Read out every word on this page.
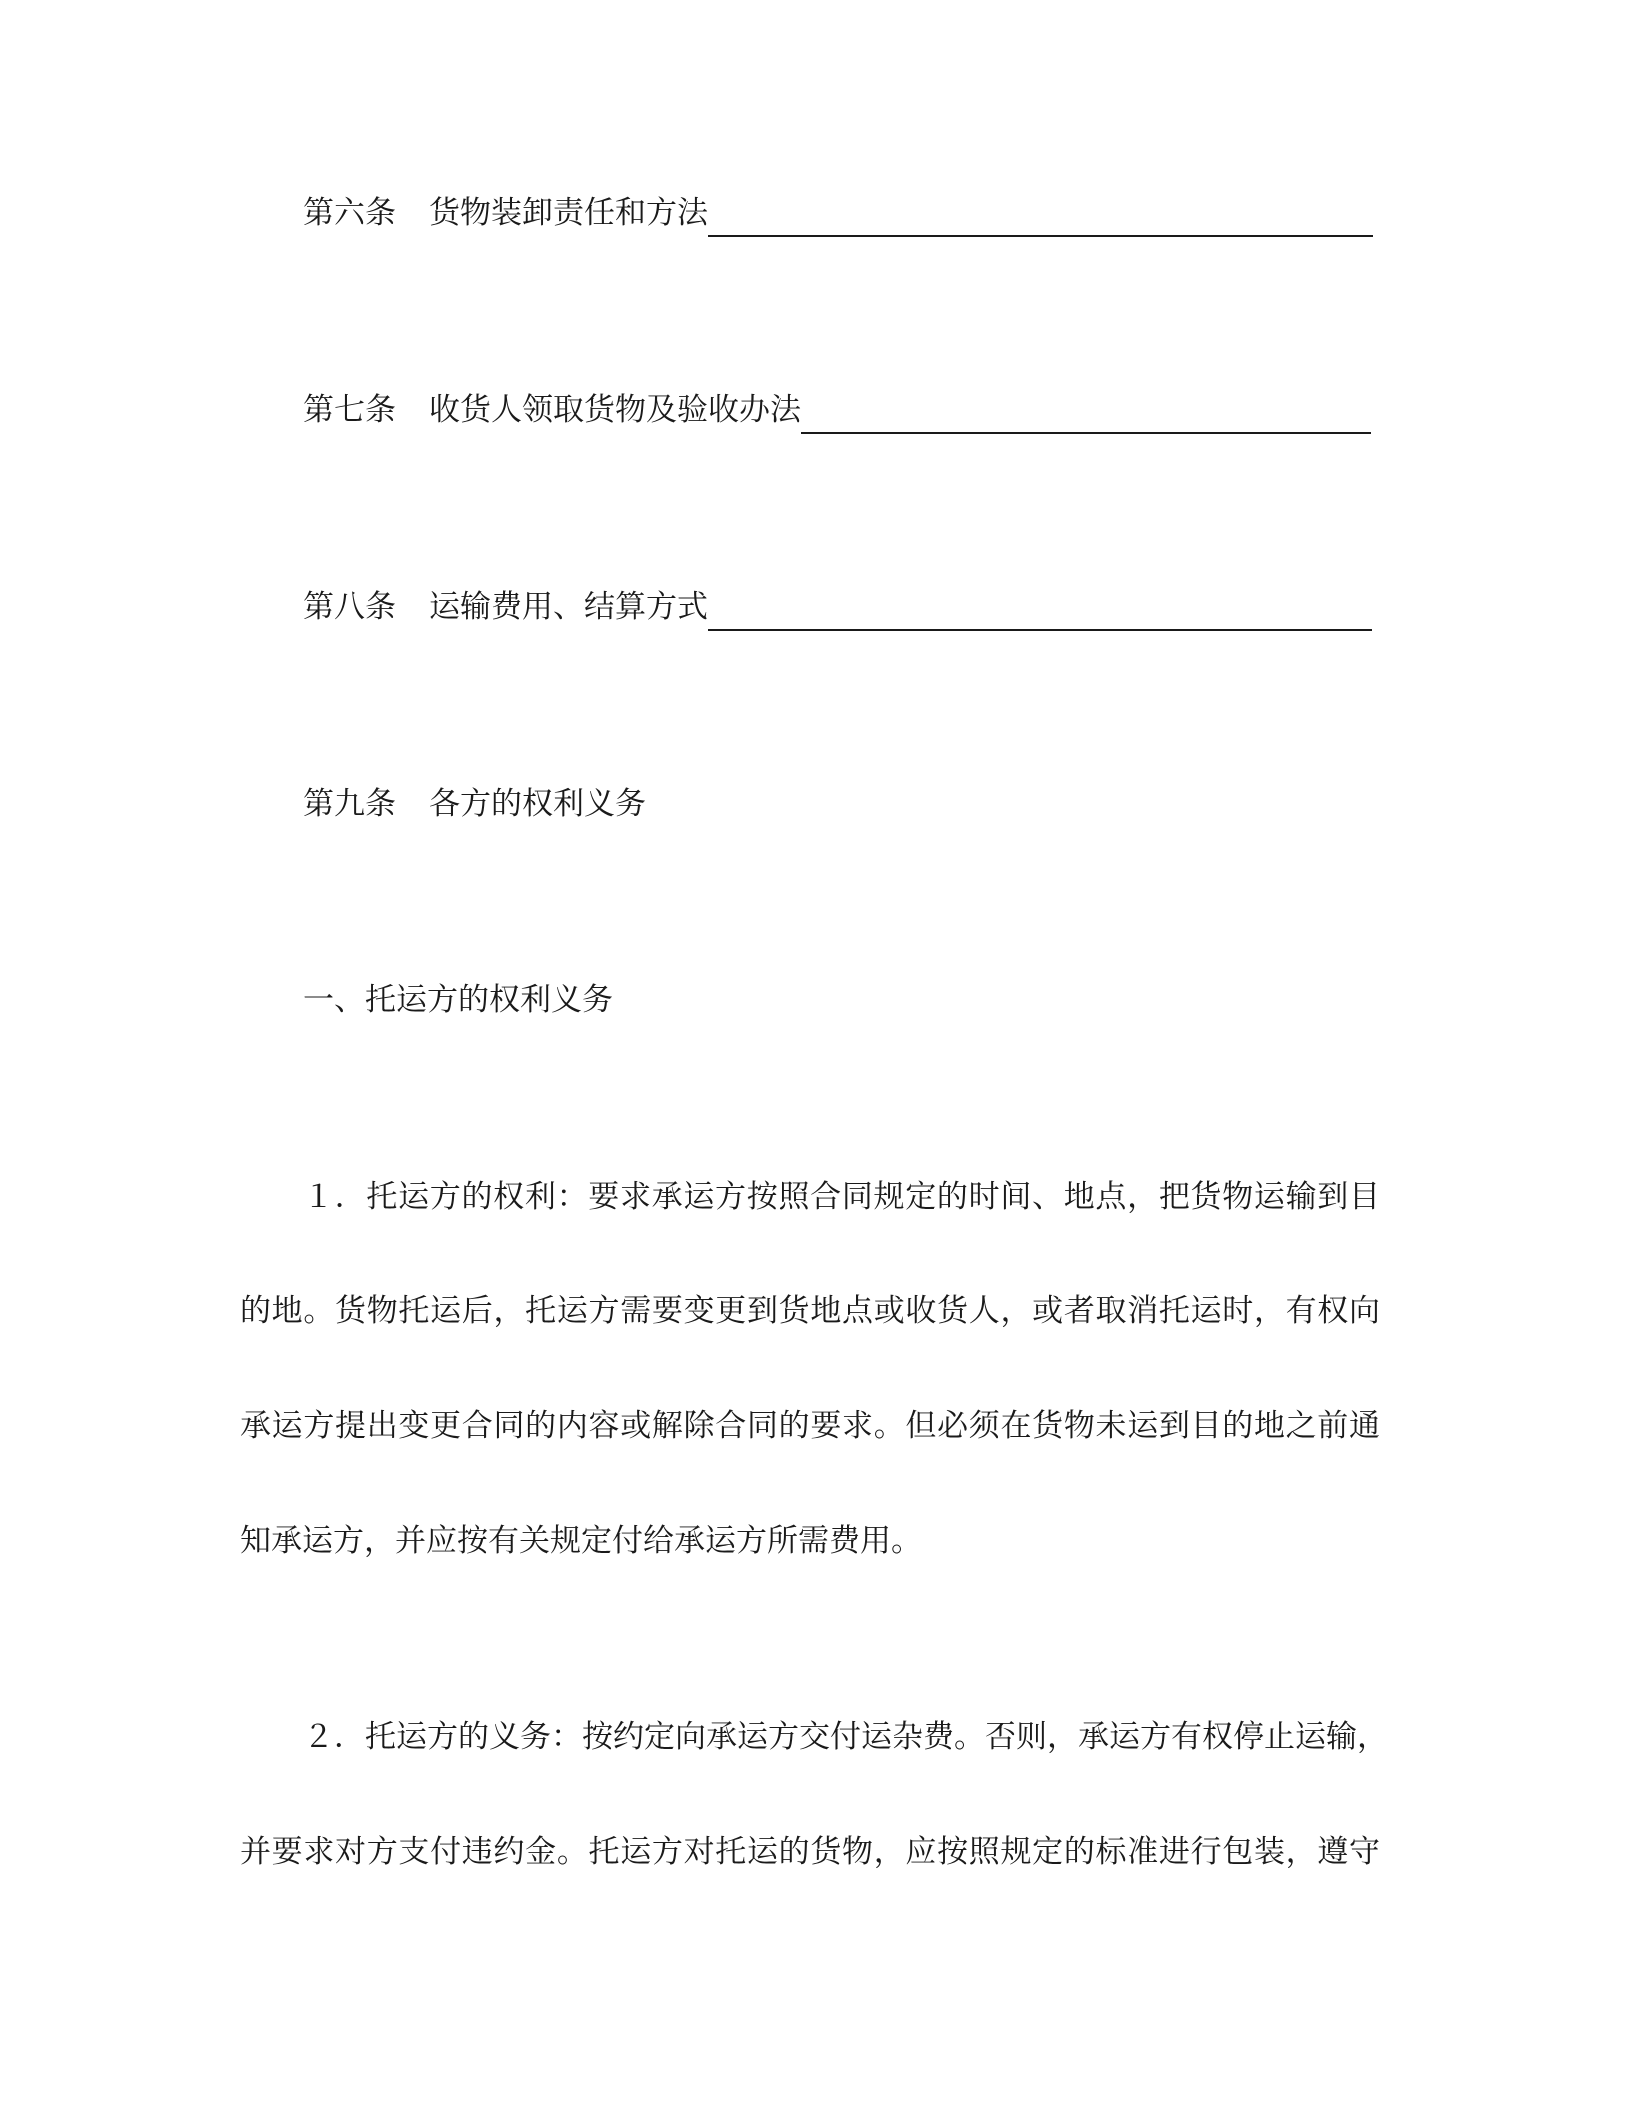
第六条	货物装卸责任和方法
第七条	收货人领取货物及验收办法
第八条	运输费用、结算方式
第九条	各方的权利义务
一、托运方的权利义务
１．托运方的权利：要求承运方按照合同规定的时间、地点，把货物运输到目
的地。货物托运后，托运方需要变更到货地点或收货人，或者取消托运时，有权向
承运方提出变更合同的内容或解除合同的要求。但必须在货物未运到目的地之前通
知承运方，并应按有关规定付给承运方所需费用。
２．托运方的义务：按约定向承运方交付运杂费。否则，承运方有权停止运输，
并要求对方支付违约金。托运方对托运的货物，应按照规定的标准进行包装，遵守
